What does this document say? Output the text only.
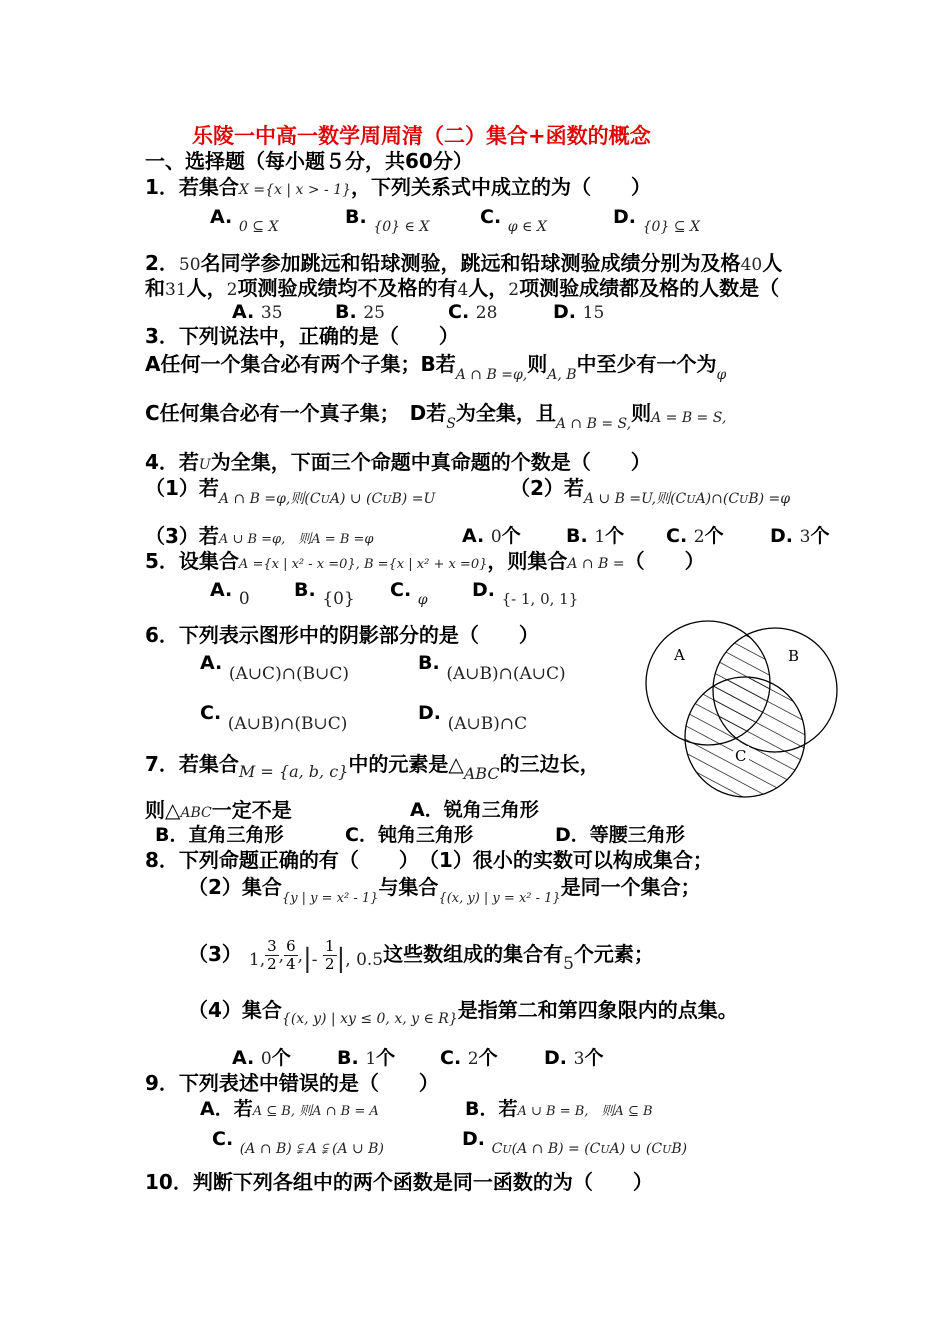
乐陵一中高一数学周周清（二）集合+函数的概念
一、选择题（每小题５分，共60分）
1．若集合X ={x | x > - 1}，下列关系式中成立的为（　　）
A. $_{0 ⊆ X}$	B. $_{\{0\} \in X}$	C. $_{\varphi \in X}$	D. $_{\{0\} ⊆ X}$
2．50名同学参加跳远和铅球测验，跳远和铅球测验成绩分别为及格40人
和31人，2项测验成绩均不及格的有4人，2项测验成绩都及格的人数是（
A. 35	B. 25	C. 28	D. 15
3．下列说法中，正确的是（　　）
A任何一个集合必有两个子集；B若$_{A \cap B =\varphi,}$则$_{A, B}$中至少有一个为$_\varphi$
C任何集合必有一个真子集；　D若$_S$为全集，且$_{A \cap B = S,}$则A = B = S,
4．若U为全集，下面三个命题中真命题的个数是（　　）
（1）若$_{A \cap B =\varphi,则(CUA) \cup (CUB) =U}$	（2）若$_{A \cup B =U,则(CUA)\cap(CUB) =\varphi}$
（3）若A ∪ B =φ,　则A = B =φ	A. 0个 B. 1个 C. 2个 D. 3个
5．设集合A ={x | x² - x =0}, B ={x | x² + x =0}，则集合A ∩ B =（　　）
A. 0 B. {0} C. $_\varphi$ D. $_{\{- 1, 0, 1\}}$
6．下列表示图形中的阴影部分的是（　　）
A. (A∪C)∩(B∪C)	B. (A∪B)∩(A∪C)
C. (A∪B)∩(B∪C)	D. (A∪B)∩C
A	B
C
7．若集合$_{M = \{a, b, c\}}$中的元素是$\triangle_{ABC}$的三边长，
则△ABC一定不是	A．锐角三角形
B．直角三角形	C．钝角三角形	D．等腰三角形
8．下列命题正确的有（　　）　（1）很小的实数可以构成集合；
（2）集合$_{\{y | y = x^2 - 1\}}$与集合$_{\{(x, y) | y = x^2 - 1\}}$是同一个集合；
（3） $_{1,} \frac{3}{2}$ , $\frac{6}{4} ,|_- \frac{1}{2} |_{, 0.5}$这些数组成的集合有$_5$个元素；
（4）集合$_{\{(x, y) | xy \le 0, x, y \in R\}}$是指第二和第四象限内的点集。
A. 0个 B. 1个 C. 2个 D. 3个
9．下列表述中错误的是（　　）
A．若A ⊆ B, 则A ∩ B = A	B．若A ∪ B = B,　则A ⊆ B
C. $_{(A \cap B) ⫋ A ⫋ (A \cup B)}$	D. $_{CU(A \cap B) = (CUA) \cup (CUB)}$
10．判断下列各组中的两个函数是同一函数的为（　　）
